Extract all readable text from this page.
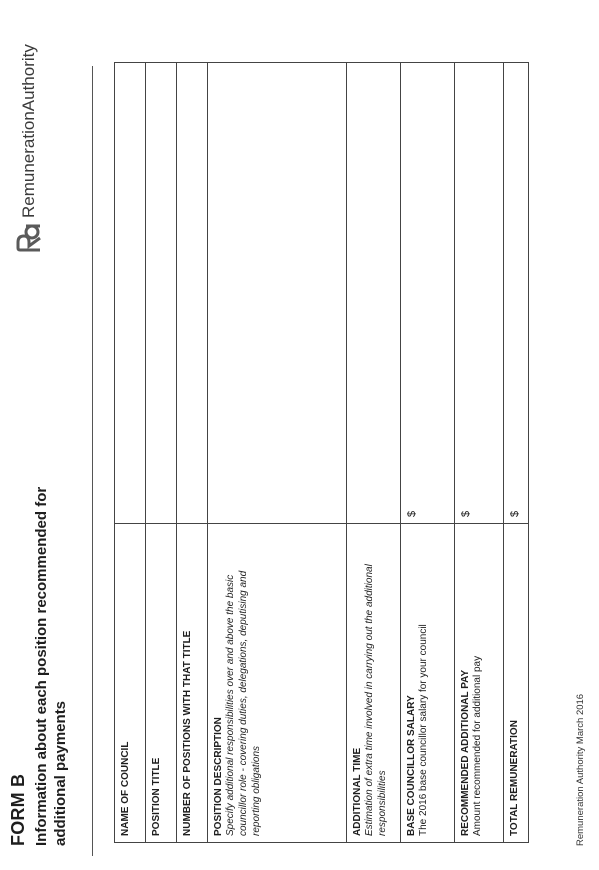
FORM B Information about each position recommended for additional payments
RemunerationAuthority
NAME OF COUNCIL	

POSITION TITLE	

NUMBER OF POSITIONS WITH THAT TITLE	

POSITION DESCRIPTION Specify additional responsibilities over and above the basic councillor role - covering duties, delegations, deputising and reporting obligations	

ADDITIONAL TIME Estimation of extra time involved in carrying out the additional responsibilities	

BASE COUNCILLOR SALARY The 2016 base councillor salary for your council	$

RECOMMENDED ADDITIONAL PAY Amount recommended for additional pay	$

TOTAL REMUNERATION	$
Remuneration Authority March 2016
